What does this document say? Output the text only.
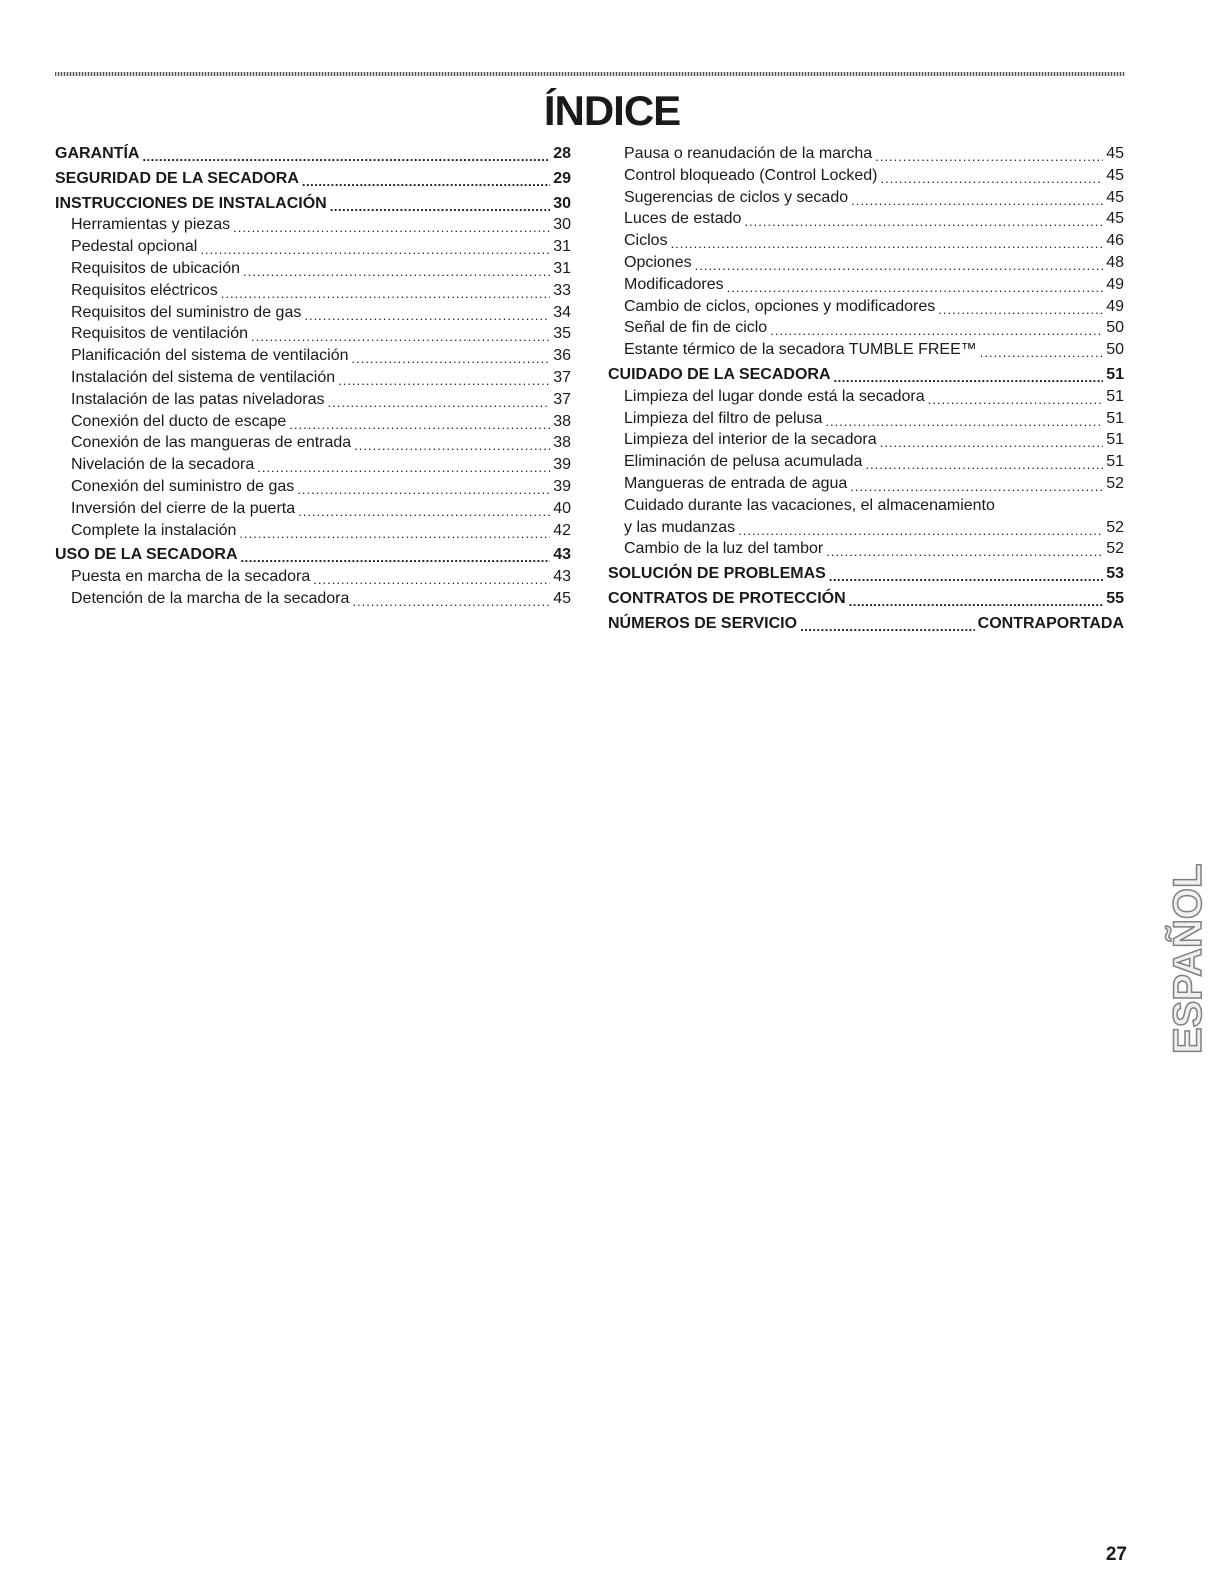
ÍNDICE
GARANTÍA .....	28
SEGURIDAD DE LA SECADORA .....	29
INSTRUCCIONES DE INSTALACIÓN .....	30
Herramientas y piezas .....	30
Pedestal opcional .....	31
Requisitos de ubicación .....	31
Requisitos eléctricos .....	33
Requisitos del suministro de gas .....	34
Requisitos de ventilación .....	35
Planificación del sistema de ventilación .....	36
Instalación del sistema de ventilación .....	37
Instalación de las patas niveladoras .....	37
Conexión del ducto de escape .....	38
Conexión de las mangueras de entrada .....	38
Nivelación de la secadora .....	39
Conexión del suministro de gas .....	39
Inversión del cierre de la puerta .....	40
Complete la instalación .....	42
USO DE LA SECADORA .....	43
Puesta en marcha de la secadora .....	43
Detención de la marcha de la secadora .....	45
Pausa o reanudación de la marcha .....	45
Control bloqueado (Control Locked) .....	45
Sugerencias de ciclos y secado .....	45
Luces de estado .....	45
Ciclos .....	46
Opciones .....	48
Modificadores .....	49
Cambio de ciclos, opciones y modificadores .....	49
Señal de fin de ciclo .....	50
Estante térmico de la secadora TUMBLE FREE™ .....	50
CUIDADO DE LA SECADORA .....	51
Limpieza del lugar donde está la secadora .....	51
Limpieza del filtro de pelusa .....	51
Limpieza del interior de la secadora .....	51
Eliminación de pelusa acumulada .....	51
Mangueras de entrada de agua .....	52
Cuidado durante las vacaciones, el almacenamiento
y las mudanzas .....	52
Cambio de la luz del tambor .....	52
SOLUCIÓN DE PROBLEMAS .....	53
CONTRATOS DE PROTECCIÓN .....	55
NÚMEROS DE SERVICIO .....	CONTRAPORTADA
ESPAÑOL
27
